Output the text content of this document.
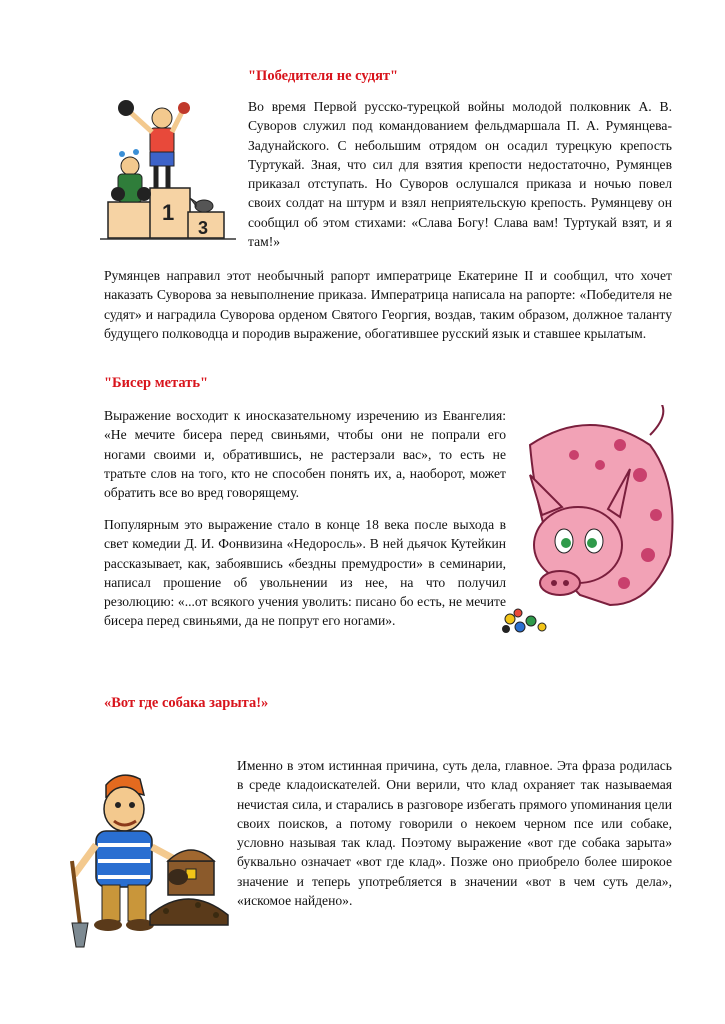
"Победителя не судят"
1
3

Во время Первой русско-турецкой войны молодой полковник А. В. Суворов служил под командованием фельдмаршала П. А. Румянцева-Задунайского. С небольшим отрядом он осадил турецкую крепость Туртукай. Зная, что сил для взятия крепости недостаточно, Румянцев приказал отступать. Но Суворов ослушался приказа и ночью повел своих солдат на штурм и взял неприятельскую крепость. Румянцеву он сообщил об этом стихами: «Слава Богу! Слава вам! Туртукай взят, и я там!»

Румянцев направил этот необычный рапорт императрице Екатерине II и сообщил, что хочет наказать Суворова за невыполнение приказа. Императрица написала на рапорте: «Победителя не судят» и наградила Суворова орденом Святого Георгия, воздав, таким образом, должное таланту будущего полководца и породив выражение, обогатившее русский язык и ставшее крылатым.

"Бисер метать"

Выражение восходит к иносказательному изречению из Евангелия: «Не мечите бисера перед свиньями, чтобы они не попрали его ногами своими и, обратившись, не растерзали вас», то есть не тратьте слов на того, кто не способен понять их, а, наоборот, может обратить все во вред говорящему.

Популярным это выражение стало в конце 18 века после выхода в свет комедии Д. И. Фонвизина «Недоросль». В ней дьячок Кутейкин рассказывает, как, забоявшись «бездны премудрости» в семинарии, написал прошение об увольнении из нее, на что получил резолюцию: «...от всякого учения уволить: писано бо есть, не мечите бисера перед свиньями, да не попрут его ногами».

«Вот где собака зарыта!»

Именно в этом истинная причина, суть дела, главное. Эта фраза родилась в среде кладоискателей. Они верили, что клад охраняет так называемая нечистая сила, и старались в разговоре избегать прямого упоминания цели своих поисков, а потому говорили о некоем черном псе или собаке, условно называя так клад. Поэтому выражение «вот где собака зарыта» буквально означает «вот где клад». Позже оно приобрело более широкое значение и теперь употребляется в значении «вот в чем суть дела», «искомое найдено».
